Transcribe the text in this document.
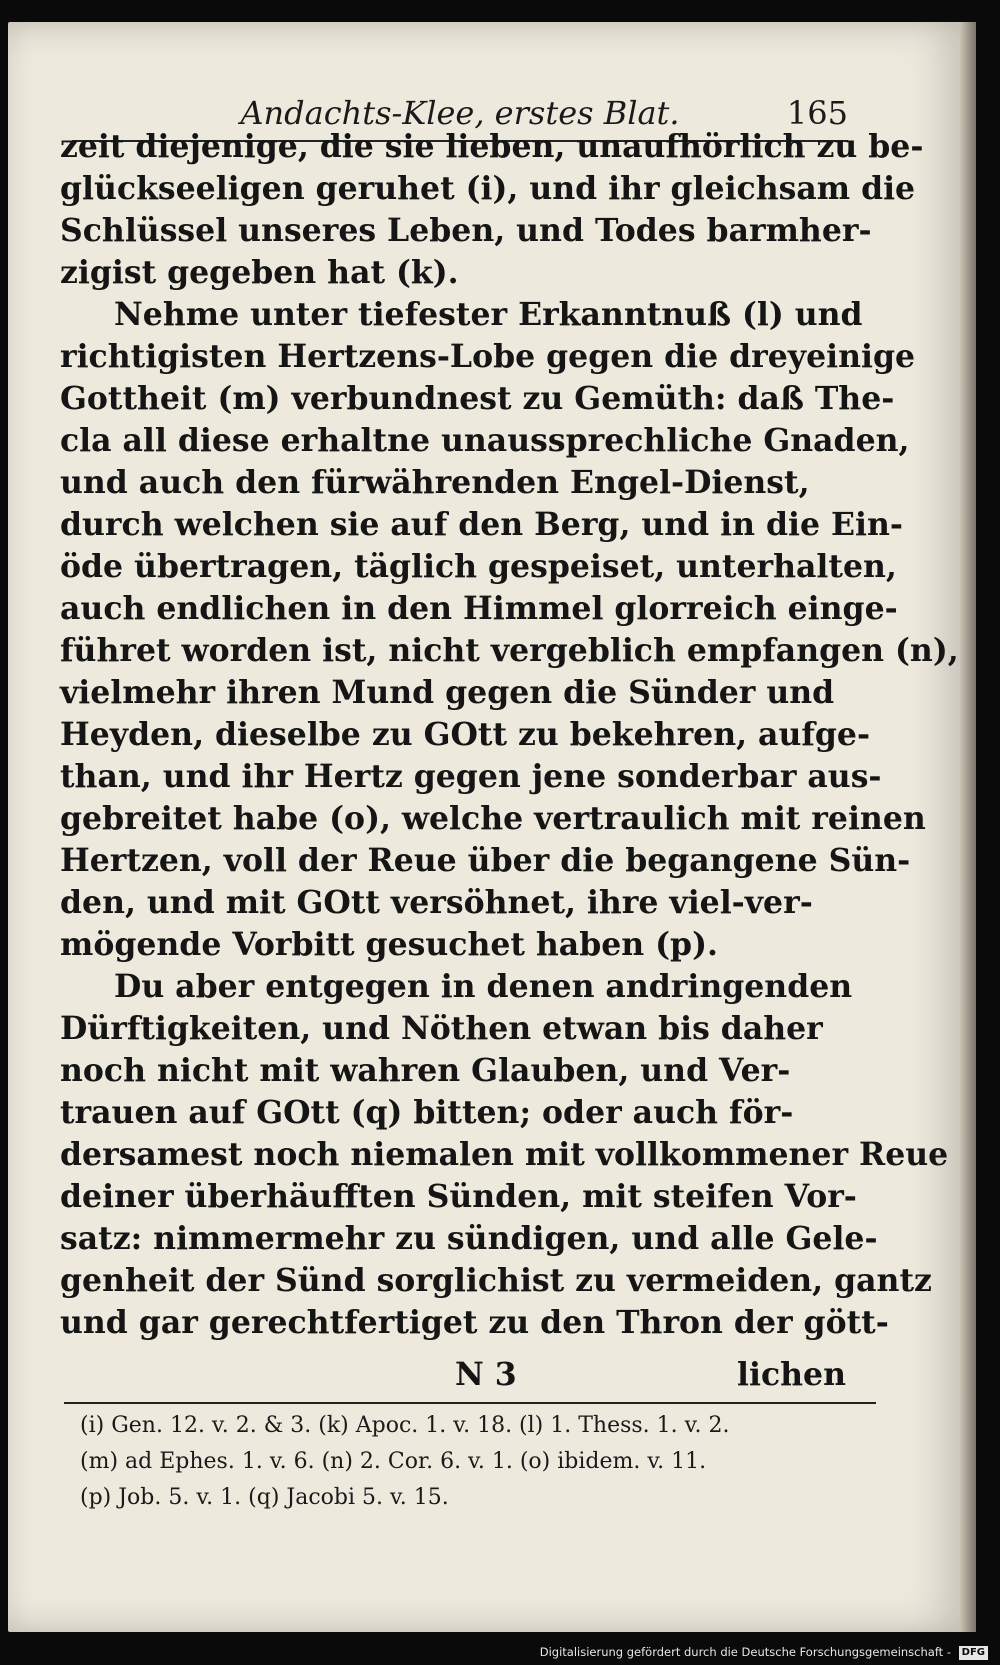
Andachts-Klee, erstes Blat.	165
zeit diejenige, die sie lieben, unaufhörlich zu be-
glückseeligen geruhet (i), und ihr gleichsam die
Schlüssel unseres Leben, und Todes barmher-
zigist gegeben hat (k).
Nehme unter tiefester Erkanntnuß (l) und
richtigisten Hertzens-Lobe gegen die dreyeinige
Gottheit (m) verbundnest zu Gemüth: daß The-
cla all diese erhaltne unaussprechliche Gnaden,
und auch den fürwährenden Engel-Dienst,
durch welchen sie auf den Berg, und in die Ein-
öde übertragen, täglich gespeiset, unterhalten,
auch endlichen in den Himmel glorreich einge-
führet worden ist, nicht vergeblich empfangen (n),
vielmehr ihren Mund gegen die Sünder und
Heyden, dieselbe zu GOtt zu bekehren, aufge-
than, und ihr Hertz gegen jene sonderbar aus-
gebreitet habe (o), welche vertraulich mit reinen
Hertzen, voll der Reue über die begangene Sün-
den, und mit GOtt versöhnet, ihre viel-ver-
mögende Vorbitt gesuchet haben (p).
Du aber entgegen in denen andringenden
Dürftigkeiten, und Nöthen etwan bis daher
noch nicht mit wahren Glauben, und Ver-
trauen auf GOtt (q) bitten; oder auch för-
dersamest noch niemalen mit vollkommener Reue
deiner überhäufften Sünden, mit steifen Vor-
satz: nimmermehr zu sündigen, und alle Gele-
genheit der Sünd sorglichist zu vermeiden, gantz
und gar gerechtfertiget zu den Thron der gött-
N 3	lichen
(i) Gen. 12. v. 2. & 3. (k) Apoc. 1. v. 18. (l) 1. Thess. 1. v. 2.
(m) ad Ephes. 1. v. 6. (n) 2. Cor. 6. v. 1. (o) ibidem. v. 11.
(p) Job. 5. v. 1. (q) Jacobi 5. v. 15.
Digitalisierung gefördert durch die Deutsche Forschungsgemeinschaft - DFG
